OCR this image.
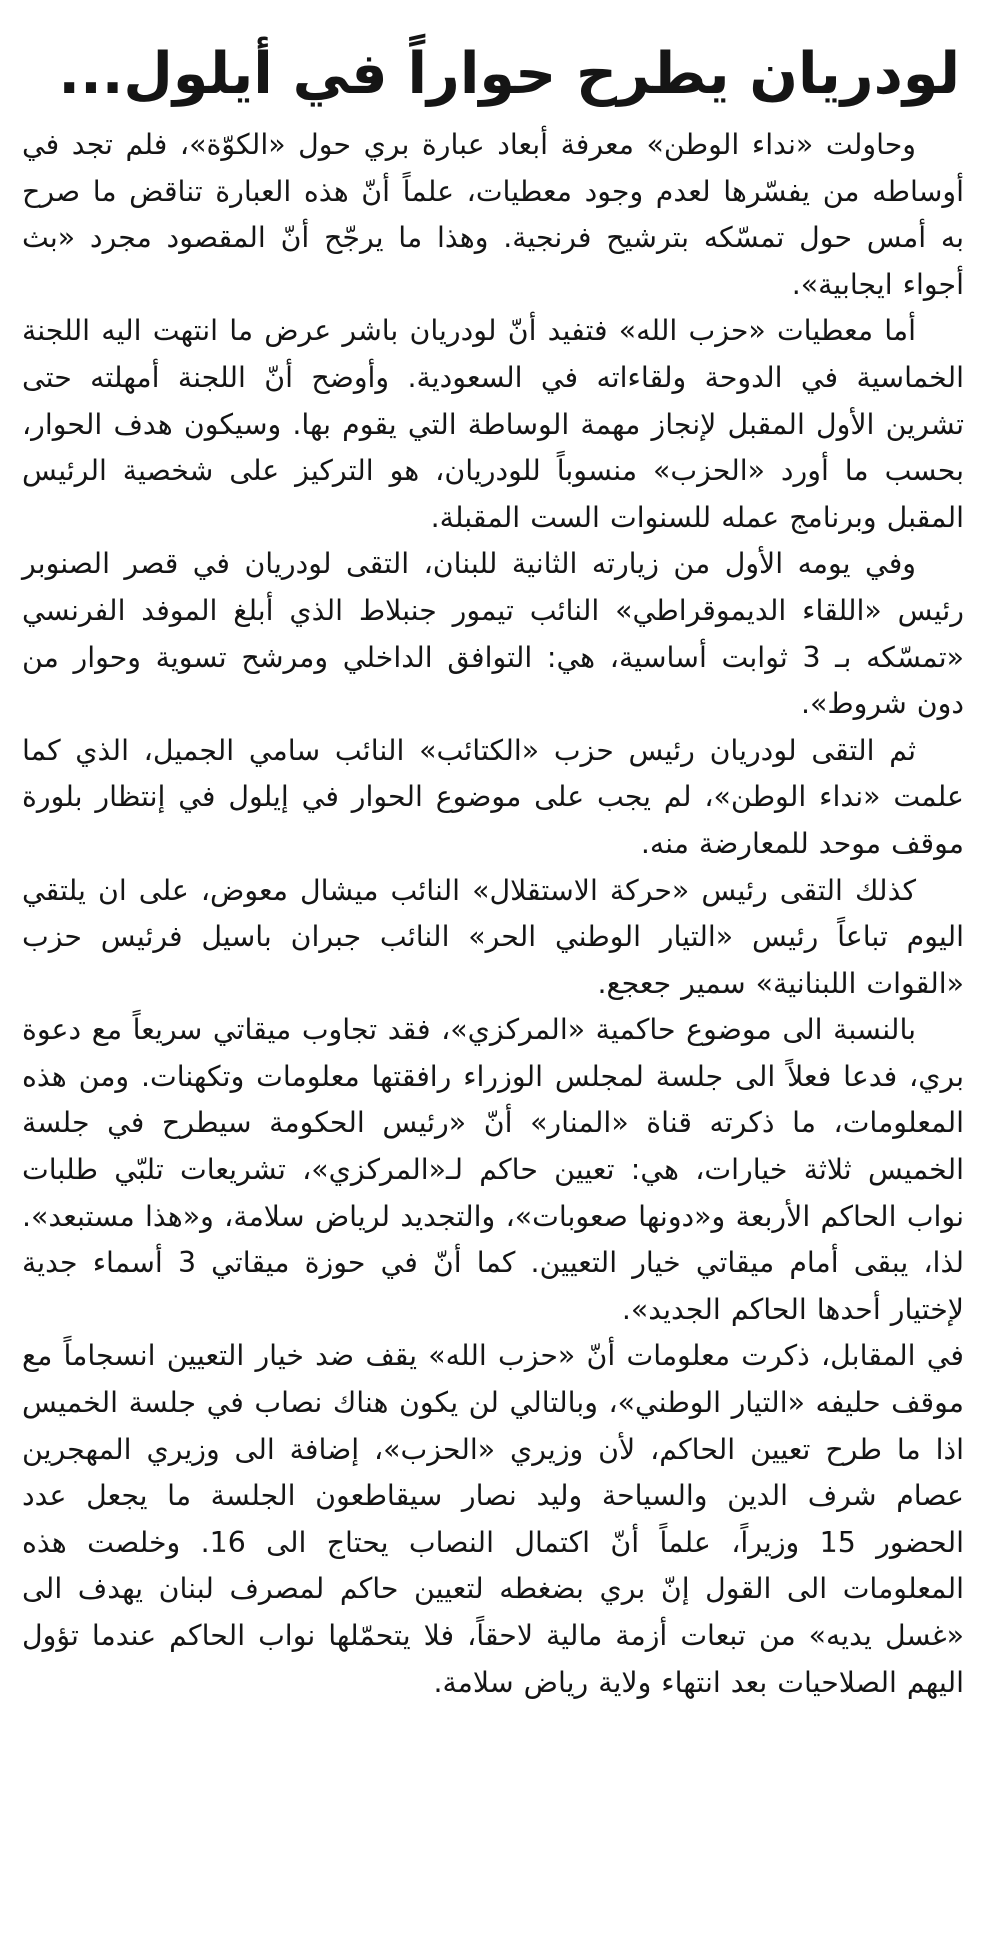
لودريان يطرح حواراً في أيلول...

وحاولت «نداء الوطن» معرفة أبعاد عبارة بري حول «الكوّة»، فلم تجد في أوساطه من يفسّرها لعدم وجود معطيات، علماً أنّ هذه العبارة تناقض ما صرح به أمس حول تمسّكه بترشيح فرنجية. وهذا ما يرجّح أنّ المقصود مجرد «بث أجواء ايجابية».

أما معطيات «حزب الله» فتفيد أنّ لودريان باشر عرض ما انتهت اليه اللجنة الخماسية في الدوحة ولقاءاته في السعودية. وأوضح أنّ اللجنة أمهلته حتى تشرين الأول المقبل لإنجاز مهمة الوساطة التي يقوم بها. وسيكون هدف الحوار، بحسب ما أورد «الحزب» منسوباً للودريان، هو التركيز على شخصية الرئيس المقبل وبرنامج عمله للسنوات الست المقبلة.

وفي يومه الأول من زيارته الثانية للبنان، التقى لودريان في قصر الصنوبر رئيس «اللقاء الديموقراطي» النائب تيمور جنبلاط الذي أبلغ الموفد الفرنسي «تمسّكه بـ 3 ثوابت أساسية، هي: التوافق الداخلي ومرشح تسوية وحوار من دون شروط».

ثم التقى لودريان رئيس حزب «الكتائب» النائب سامي الجميل، الذي كما علمت «نداء الوطن»، لم يجب على موضوع الحوار في إيلول في إنتظار بلورة موقف موحد للمعارضة منه.

كذلك التقى رئيس «حركة الاستقلال» النائب ميشال معوض، على ان يلتقي اليوم تباعاً رئيس «التيار الوطني الحر» النائب جبران باسيل فرئيس حزب «القوات اللبنانية» سمير جعجع.

بالنسبة الى موضوع حاكمية «المركزي»، فقد تجاوب ميقاتي سريعاً مع دعوة بري، فدعا فعلاً الى جلسة لمجلس الوزراء رافقتها معلومات وتكهنات. ومن هذه المعلومات، ما ذكرته قناة «المنار» أنّ «رئيس الحكومة سيطرح في جلسة الخميس ثلاثة خيارات، هي: تعيين حاكم لـ«المركزي»، تشريعات تلبّي طلبات نواب الحاكم الأربعة و«دونها صعوبات»، والتجديد لرياض سلامة، و«هذا مستبعد». لذا، يبقى أمام ميقاتي خيار التعيين. كما أنّ في حوزة ميقاتي 3 أسماء جدية لإختيار أحدها الحاكم الجديد».

في المقابل، ذكرت معلومات أنّ «حزب الله» يقف ضد خيار التعيين انسجاماً مع موقف حليفه «التيار الوطني»، وبالتالي لن يكون هناك نصاب في جلسة الخميس اذا ما طرح تعيين الحاكم، لأن وزيري «الحزب»، إضافة الى وزيري المهجرين عصام شرف الدين والسياحة وليد نصار سيقاطعون الجلسة ما يجعل عدد الحضور 15 وزيراً، علماً أنّ اكتمال النصاب يحتاج الى 16. وخلصت هذه المعلومات الى القول إنّ بري بضغطه لتعيين حاكم لمصرف لبنان يهدف الى «غسل يديه» من تبعات أزمة مالية لاحقاً، فلا يتحمّلها نواب الحاكم عندما تؤول اليهم الصلاحيات بعد انتهاء ولاية رياض سلامة.
